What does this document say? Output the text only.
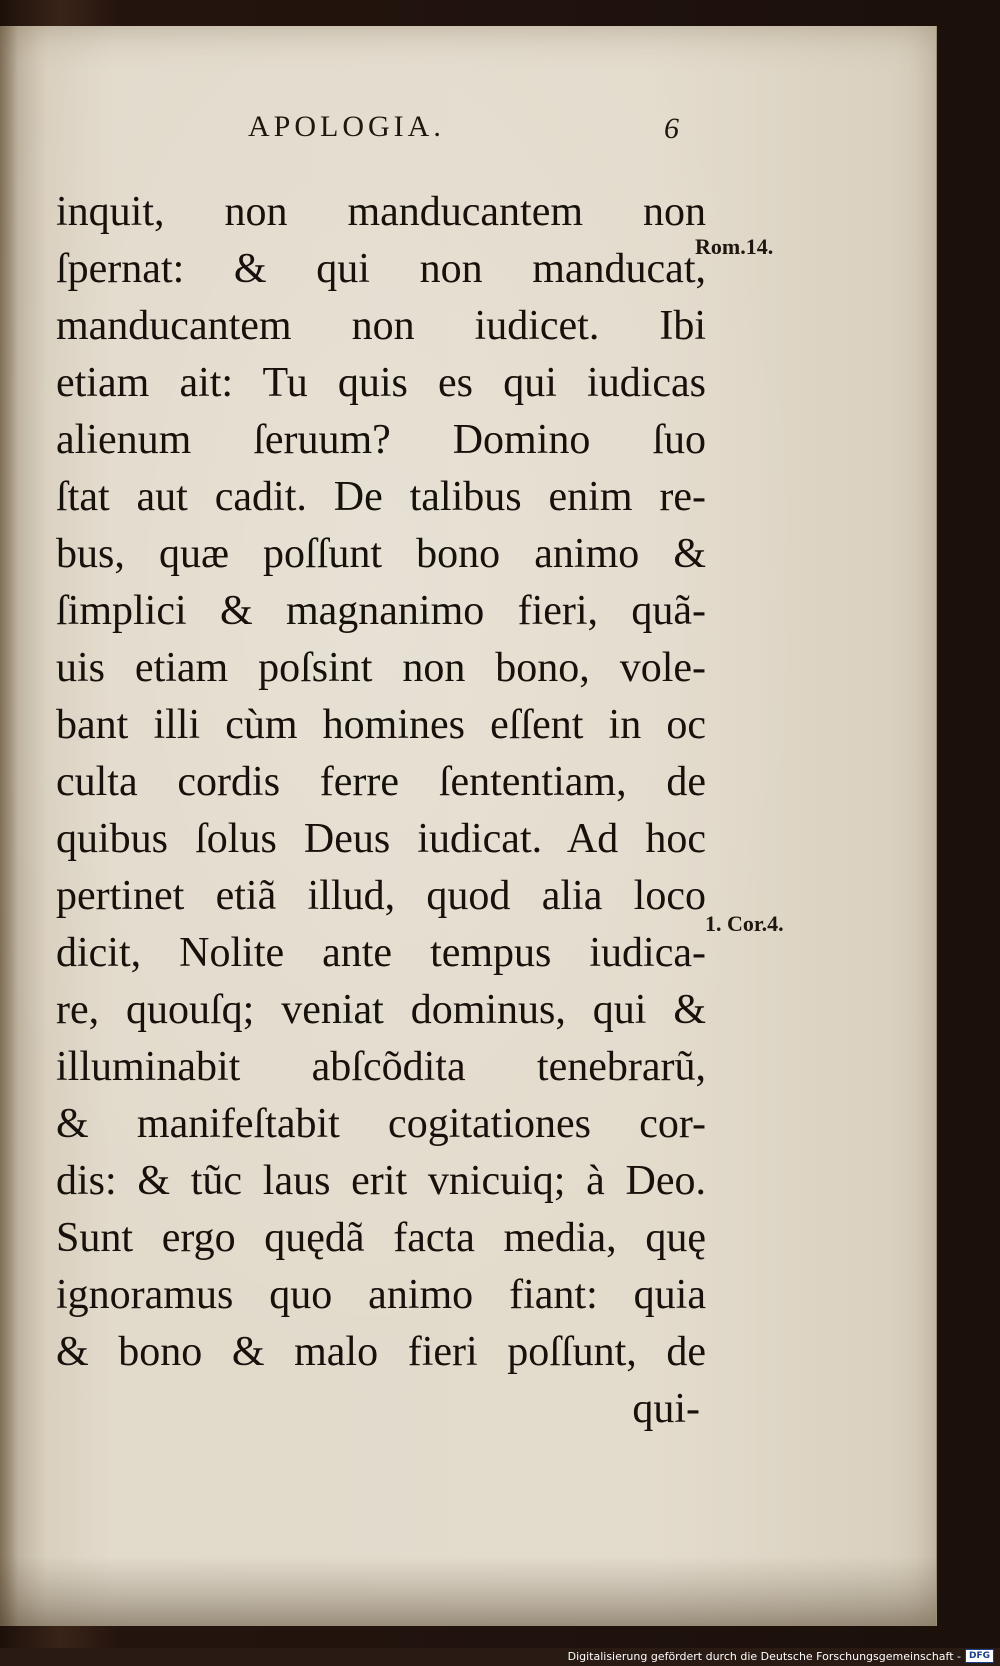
APOLOGIA.	6
inquit, non manducantem non
ſpernat: & qui non manducat,
manducantem non iudicet. Ibi
etiam ait: Tu quis es qui iudicas
alienum ſeruum? Domino ſuo
ſtat aut cadit. De talibus enim re-
bus, quæ poſſunt bono animo &
ſimplici & magnanimo fieri, quã-
uis etiam poſsint non bono, vole-
bant illi cùm homines eſſent in oc
culta cordis ferre ſententiam, de
quibus ſolus Deus iudicat. Ad hoc
pertinet etiã illud, quod alia loco
dicit, Nolite ante tempus iudica-
re, quouſq; veniat dominus, qui &
illuminabit abſcõdita tenebrarũ,
& manifeſtabit cogitationes cor-
dis: & tũc laus erit vnicuiq; à Deo.
Sunt ergo quędã facta media, quę
ignoramus quo animo fiant: quia
& bono & malo fieri poſſunt, de
qui-
Rom.14.
1. Cor.4.
Digitalisierung gefördert durch die Deutsche Forschungsgemeinschaft - DFG
